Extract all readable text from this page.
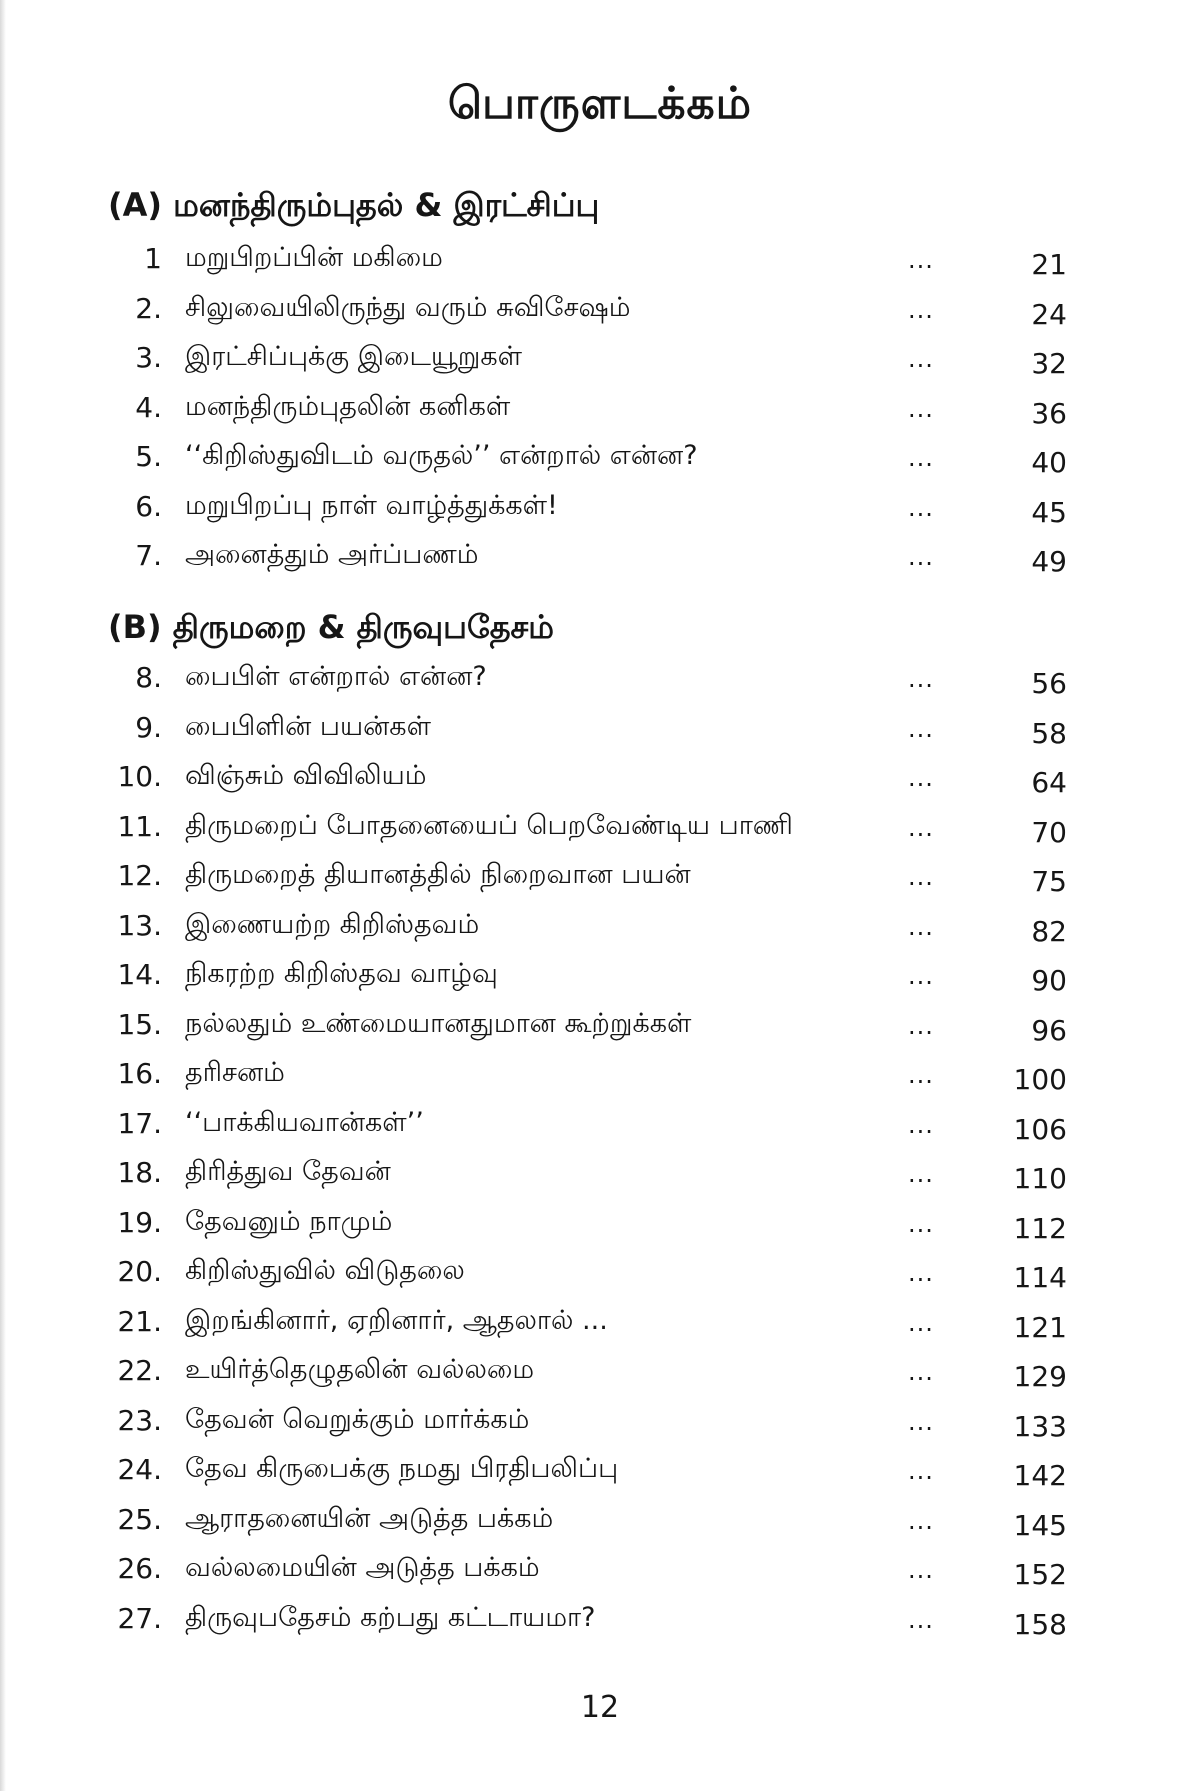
பொருளடக்கம்
(A) மனந்திரும்புதல் & இரட்சிப்பு
1 மறுபிறப்பின் மகிமை	...	21
2. சிலுவையிலிருந்து வரும் சுவிசேஷம்	...	24
3. இரட்சிப்புக்கு இடையூறுகள்	...	32
4. மனந்திரும்புதலின் கனிகள்	...	36
5. ‘‘கிறிஸ்துவிடம் வருதல்’’ என்றால் என்ன?	...	40
6. மறுபிறப்பு நாள் வாழ்த்துக்கள்!	...	45
7. அனைத்தும் அர்ப்பணம்	...	49
(B) திருமறை & திருவுபதேசம்
8. பைபிள் என்றால் என்ன?	...	56
9. பைபிளின் பயன்கள்	...	58
10. விஞ்சும் விவிலியம்	...	64
11. திருமறைப் போதனையைப் பெறவேண்டிய பாணி	...	70
12. திருமறைத் தியானத்தில் நிறைவான பயன்	...	75
13. இணையற்ற கிறிஸ்தவம்	...	82
14. நிகரற்ற கிறிஸ்தவ வாழ்வு	...	90
15. நல்லதும் உண்மையானதுமான கூற்றுக்கள்	...	96
16. தரிசனம்	...	100
17. ‘‘பாக்கியவான்கள்’’	...	106
18. திரித்துவ தேவன்	...	110
19. தேவனும் நாமும்	...	112
20. கிறிஸ்துவில் விடுதலை	...	114
21. இறங்கினார், ஏறினார், ஆதலால் ...	...	121
22. உயிர்த்தெழுதலின் வல்லமை	...	129
23. தேவன் வெறுக்கும் மார்க்கம்	...	133
24. தேவ கிருபைக்கு நமது பிரதிபலிப்பு	...	142
25. ஆராதனையின் அடுத்த பக்கம்	...	145
26. வல்லமையின் அடுத்த பக்கம்	...	152
27. திருவுபதேசம் கற்பது கட்டாயமா?	...	158
12
